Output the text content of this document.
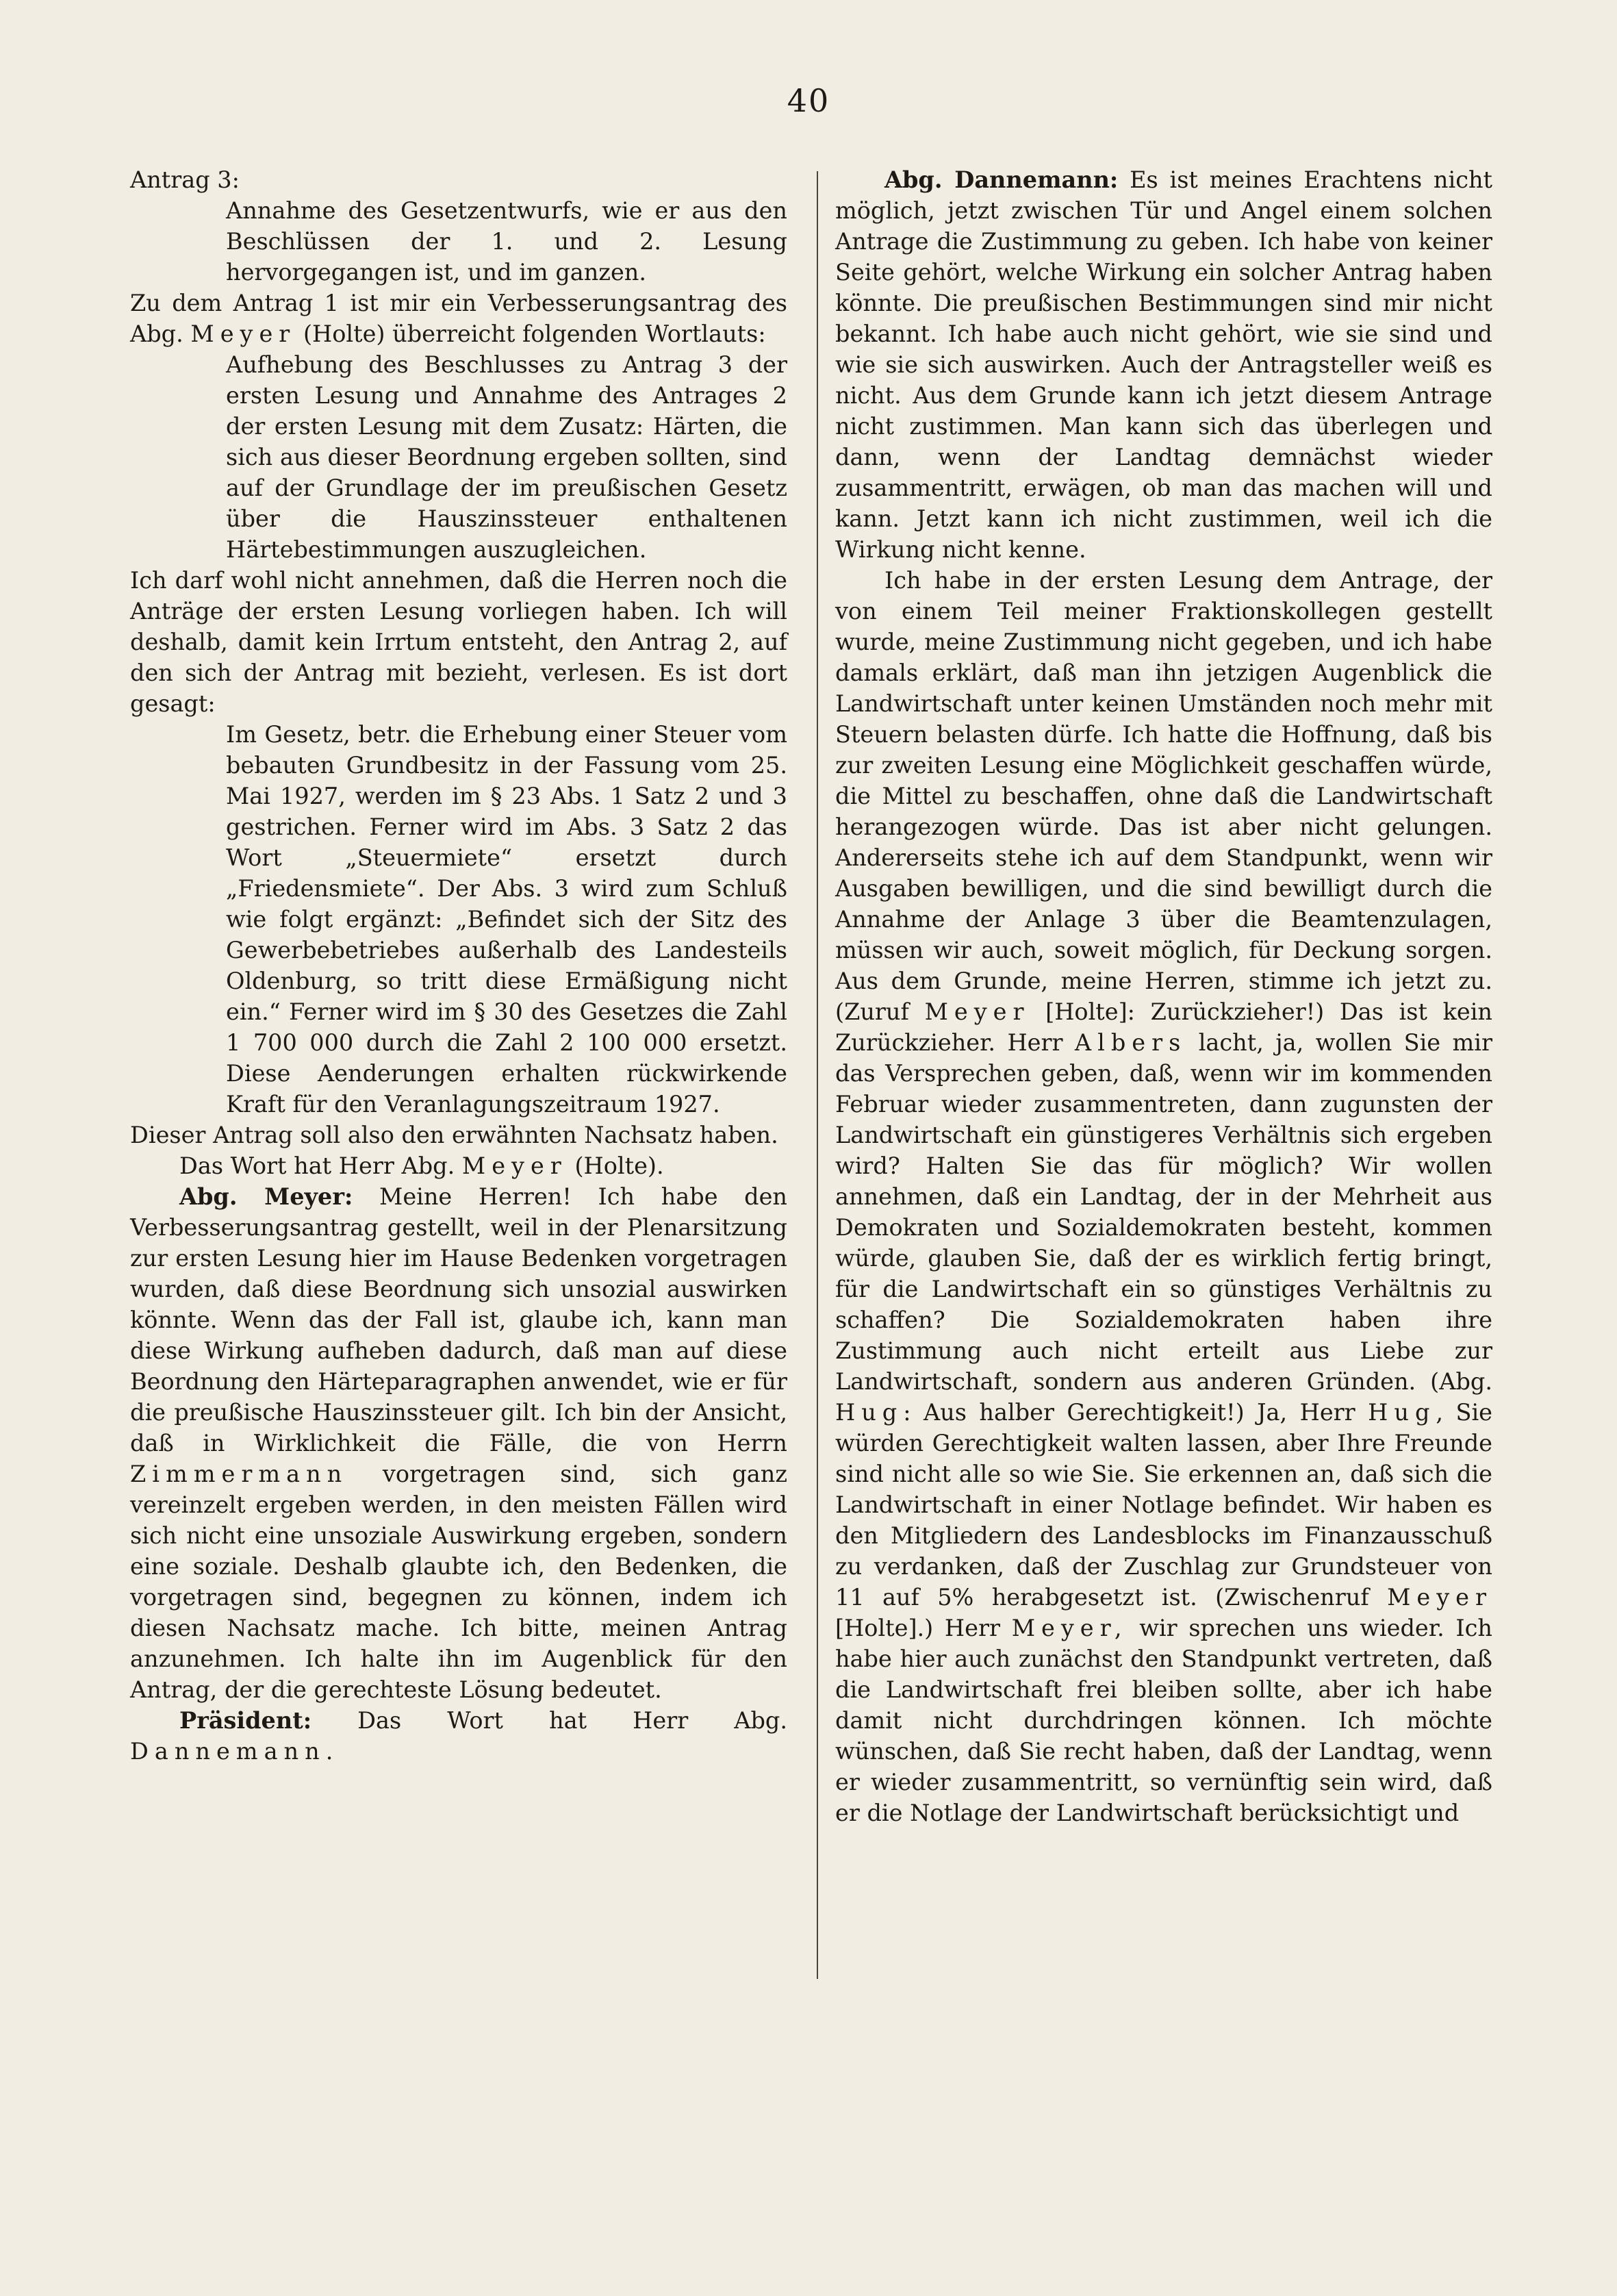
40

Antrag 3:

Annahme des Gesetzentwurfs, wie er aus den Beschlüssen der 1. und 2. Lesung hervorgegangen ist, und im ganzen.

Zu dem Antrag 1 ist mir ein Verbesserungsantrag des Abg. Meyer (Holte) überreicht folgenden Wortlauts:

Aufhebung des Beschlusses zu Antrag 3 der ersten Lesung und Annahme des Antrages 2 der ersten Lesung mit dem Zusatz: Härten, die sich aus dieser Beordnung ergeben sollten, sind auf der Grundlage der im preußischen Gesetz über die Hauszinssteuer enthaltenen Härtebestimmungen auszugleichen.

Ich darf wohl nicht annehmen, daß die Herren noch die Anträge der ersten Lesung vorliegen haben. Ich will deshalb, damit kein Irrtum entsteht, den Antrag 2, auf den sich der Antrag mit bezieht, verlesen. Es ist dort gesagt:

Im Gesetz, betr. die Erhebung einer Steuer vom bebauten Grundbesitz in der Fassung vom 25. Mai 1927, werden im § 23 Abs. 1 Satz 2 und 3 gestrichen. Ferner wird im Abs. 3 Satz 2 das Wort „Steuermiete“ ersetzt durch „Friedensmiete“. Der Abs. 3 wird zum Schluß wie folgt ergänzt: „Befindet sich der Sitz des Gewerbebetriebes außerhalb des Landesteils Oldenburg, so tritt diese Ermäßigung nicht ein.“ Ferner wird im § 30 des Gesetzes die Zahl 1 700 000 durch die Zahl 2 100 000 ersetzt. Diese Aenderungen erhalten rückwirkende Kraft für den Veranlagungszeitraum 1927.

Dieser Antrag soll also den erwähnten Nachsatz haben.

Das Wort hat Herr Abg. Meyer (Holte).

Abg. Meyer: Meine Herren! Ich habe den Verbesserungsantrag gestellt, weil in der Plenarsitzung zur ersten Lesung hier im Hause Bedenken vorgetragen wurden, daß diese Beordnung sich unsozial auswirken könnte. Wenn das der Fall ist, glaube ich, kann man diese Wirkung aufheben dadurch, daß man auf diese Beordnung den Härteparagraphen anwendet, wie er für die preußische Hauszinssteuer gilt. Ich bin der Ansicht, daß in Wirklichkeit die Fälle, die von Herrn Zimmermann vorgetragen sind, sich ganz vereinzelt ergeben werden, in den meisten Fällen wird sich nicht eine unsoziale Auswirkung ergeben, sondern eine soziale. Deshalb glaubte ich, den Bedenken, die vorgetragen sind, begegnen zu können, indem ich diesen Nachsatz mache. Ich bitte, meinen Antrag anzunehmen. Ich halte ihn im Augenblick für den Antrag, der die gerechteste Lösung bedeutet.

Präsident: Das Wort hat Herr Abg. Dannemann.

Abg. Dannemann: Es ist meines Erachtens nicht möglich, jetzt zwischen Tür und Angel einem solchen Antrage die Zustimmung zu geben. Ich habe von keiner Seite gehört, welche Wirkung ein solcher Antrag haben könnte. Die preußischen Bestimmungen sind mir nicht bekannt. Ich habe auch nicht gehört, wie sie sind und wie sie sich auswirken. Auch der Antragsteller weiß es nicht. Aus dem Grunde kann ich jetzt diesem Antrage nicht zustimmen. Man kann sich das überlegen und dann, wenn der Landtag demnächst wieder zusammentritt, erwägen, ob man das machen will und kann. Jetzt kann ich nicht zustimmen, weil ich die Wirkung nicht kenne.

Ich habe in der ersten Lesung dem Antrage, der von einem Teil meiner Fraktionskollegen gestellt wurde, meine Zustimmung nicht gegeben, und ich habe damals erklärt, daß man ihn jetzigen Augenblick die Landwirtschaft unter keinen Umständen noch mehr mit Steuern belasten dürfe. Ich hatte die Hoffnung, daß bis zur zweiten Lesung eine Möglichkeit geschaffen würde, die Mittel zu beschaffen, ohne daß die Landwirtschaft herangezogen würde. Das ist aber nicht gelungen. Andererseits stehe ich auf dem Standpunkt, wenn wir Ausgaben bewilligen, und die sind bewilligt durch die Annahme der Anlage 3 über die Beamtenzulagen, müssen wir auch, soweit möglich, für Deckung sorgen. Aus dem Grunde, meine Herren, stimme ich jetzt zu. (Zuruf Meyer [Holte]: Zurückzieher!) Das ist kein Zurückzieher. Herr Albers lacht, ja, wollen Sie mir das Versprechen geben, daß, wenn wir im kommenden Februar wieder zusammentreten, dann zugunsten der Landwirtschaft ein günstigeres Verhältnis sich ergeben wird? Halten Sie das für möglich? Wir wollen annehmen, daß ein Landtag, der in der Mehrheit aus Demokraten und Sozialdemokraten besteht, kommen würde, glauben Sie, daß der es wirklich fertig bringt, für die Landwirtschaft ein so günstiges Verhältnis zu schaffen? Die Sozialdemokraten haben ihre Zustimmung auch nicht erteilt aus Liebe zur Landwirtschaft, sondern aus anderen Gründen. (Abg. Hug: Aus halber Gerechtigkeit!) Ja, Herr Hug, Sie würden Gerechtigkeit walten lassen, aber Ihre Freunde sind nicht alle so wie Sie. Sie erkennen an, daß sich die Landwirtschaft in einer Notlage befindet. Wir haben es den Mitgliedern des Landesblocks im Finanzausschuß zu verdanken, daß der Zuschlag zur Grundsteuer von 11 auf 5% herabgesetzt ist. (Zwischenruf Meyer [Holte].) Herr Meyer, wir sprechen uns wieder. Ich habe hier auch zunächst den Standpunkt vertreten, daß die Landwirtschaft frei bleiben sollte, aber ich habe damit nicht durchdringen können. Ich möchte wünschen, daß Sie recht haben, daß der Landtag, wenn er wieder zusammentritt, so vernünftig sein wird, daß er die Notlage der Landwirtschaft berücksichtigt und
